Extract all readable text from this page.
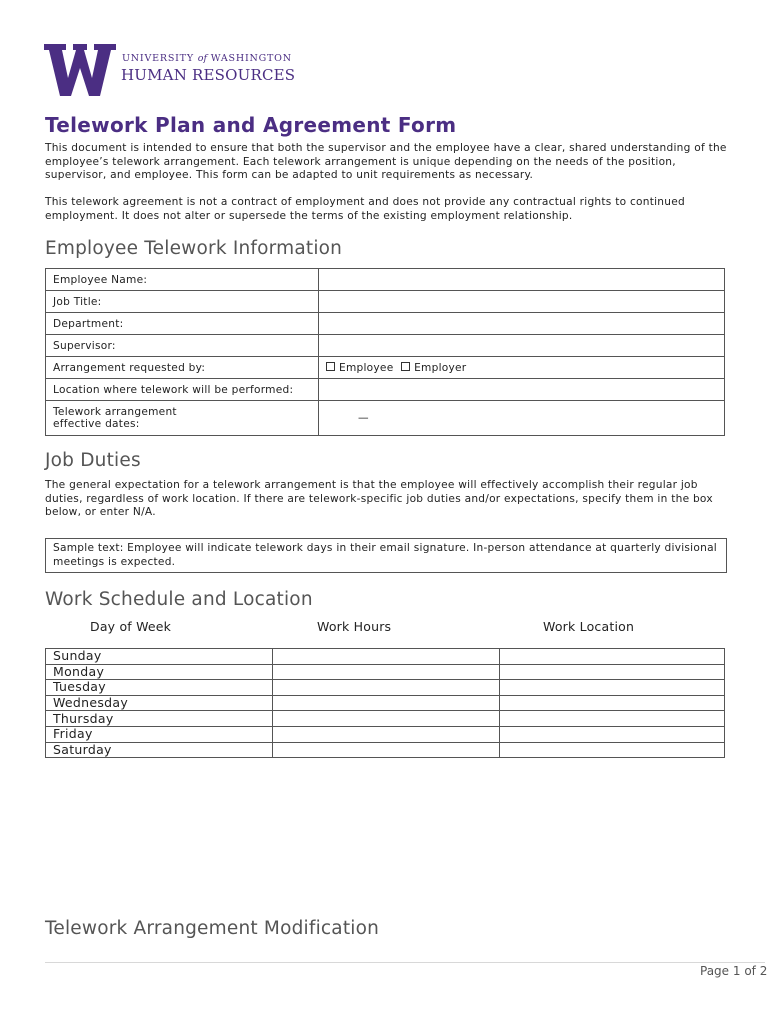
UNIVERSITY of WASHINGTON
HUMAN RESOURCES
Telework Plan and Agreement Form
This document is intended to ensure that both the supervisor and the employee have a clear, shared understanding of the employee’s telework arrangement. Each telework arrangement is unique depending on the needs of the position, supervisor, and employee. This form can be adapted to unit requirements as necessary.
This telework agreement is not a contract of employment and does not provide any contractual rights to continued employment. It does not alter or supersede the terms of the existing employment relationship.
Employee Telework Information
Employee Name:	
Job Title:	
Department:	
Supervisor:	
Arrangement requested by:	Employee Employer
Location where telework will be performed:	

Telework arrangement
effective dates:	—
Job Duties
The general expectation for a telework arrangement is that the employee will effectively accomplish their regular job duties, regardless of work location. If there are telework-specific job duties and/or expectations, specify them in the box below, or enter N/A.
Sample text: Employee will indicate telework days in their email signature. In-person attendance at quarterly divisional meetings is expected.
Work Schedule and Location
Day of Week	Work Hours	Work Location
Sunday		
Monday		
Tuesday		
Wednesday		
Thursday		
Friday		
Saturday		
Telework Arrangement Modification
Page 1 of 2
